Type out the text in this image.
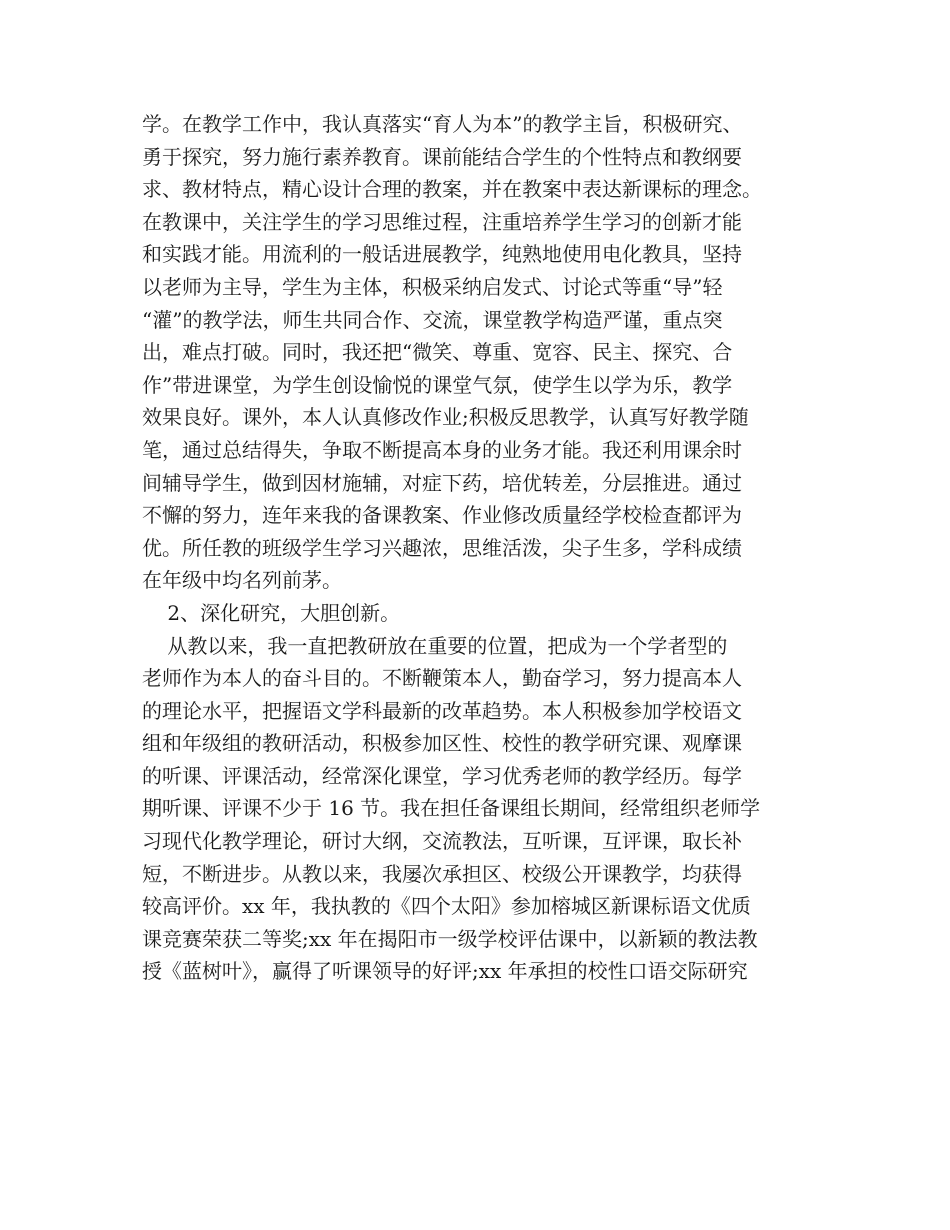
学。在教学工作中，我认真落实“育人为本”的教学主旨，积极研究、
勇于探究，努力施行素养教育。课前能结合学生的个性特点和教纲要
求、教材特点，精心设计合理的教案，并在教案中表达新课标的理念。
在教课中，关注学生的学习思维过程，注重培养学生学习的创新才能
和实践才能。用流利的一般话进展教学，纯熟地使用电化教具，坚持
以老师为主导，学生为主体，积极采纳启发式、讨论式等重“导”轻
“灌”的教学法，师生共同合作、交流，课堂教学构造严谨，重点突
出，难点打破。同时，我还把“微笑、尊重、宽容、民主、探究、合
作”带进课堂，为学生创设愉悦的课堂气氛，使学生以学为乐，教学
效果良好。课外，本人认真修改作业;积极反思教学，认真写好教学随
笔，通过总结得失，争取不断提高本身的业务才能。我还利用课余时
间辅导学生，做到因材施辅，对症下药，培优转差，分层推进。通过
不懈的努力，连年来我的备课教案、作业修改质量经学校检查都评为
优。所任教的班级学生学习兴趣浓，思维活泼，尖子生多，学科成绩
在年级中均名列前茅。
2、深化研究，大胆创新。
从教以来，我一直把教研放在重要的位置，把成为一个学者型的
老师作为本人的奋斗目的。不断鞭策本人，勤奋学习，努力提高本人
的理论水平，把握语文学科最新的改革趋势。本人积极参加学校语文
组和年级组的教研活动，积极参加区性、校性的教学研究课、观摩课
的听课、评课活动，经常深化课堂，学习优秀老师的教学经历。每学
期听课、评课不少于 16 节。我在担任备课组长期间，经常组织老师学
习现代化教学理论，研讨大纲，交流教法，互听课，互评课，取长补
短，不断进步。从教以来，我屡次承担区、校级公开课教学，均获得
较高评价。xx 年，我执教的《四个太阳》参加榕城区新课标语文优质
课竞赛荣获二等奖;xx 年在揭阳市一级学校评估课中，以新颖的教法教
授《蓝树叶》，赢得了听课领导的好评;xx 年承担的校性口语交际研究
